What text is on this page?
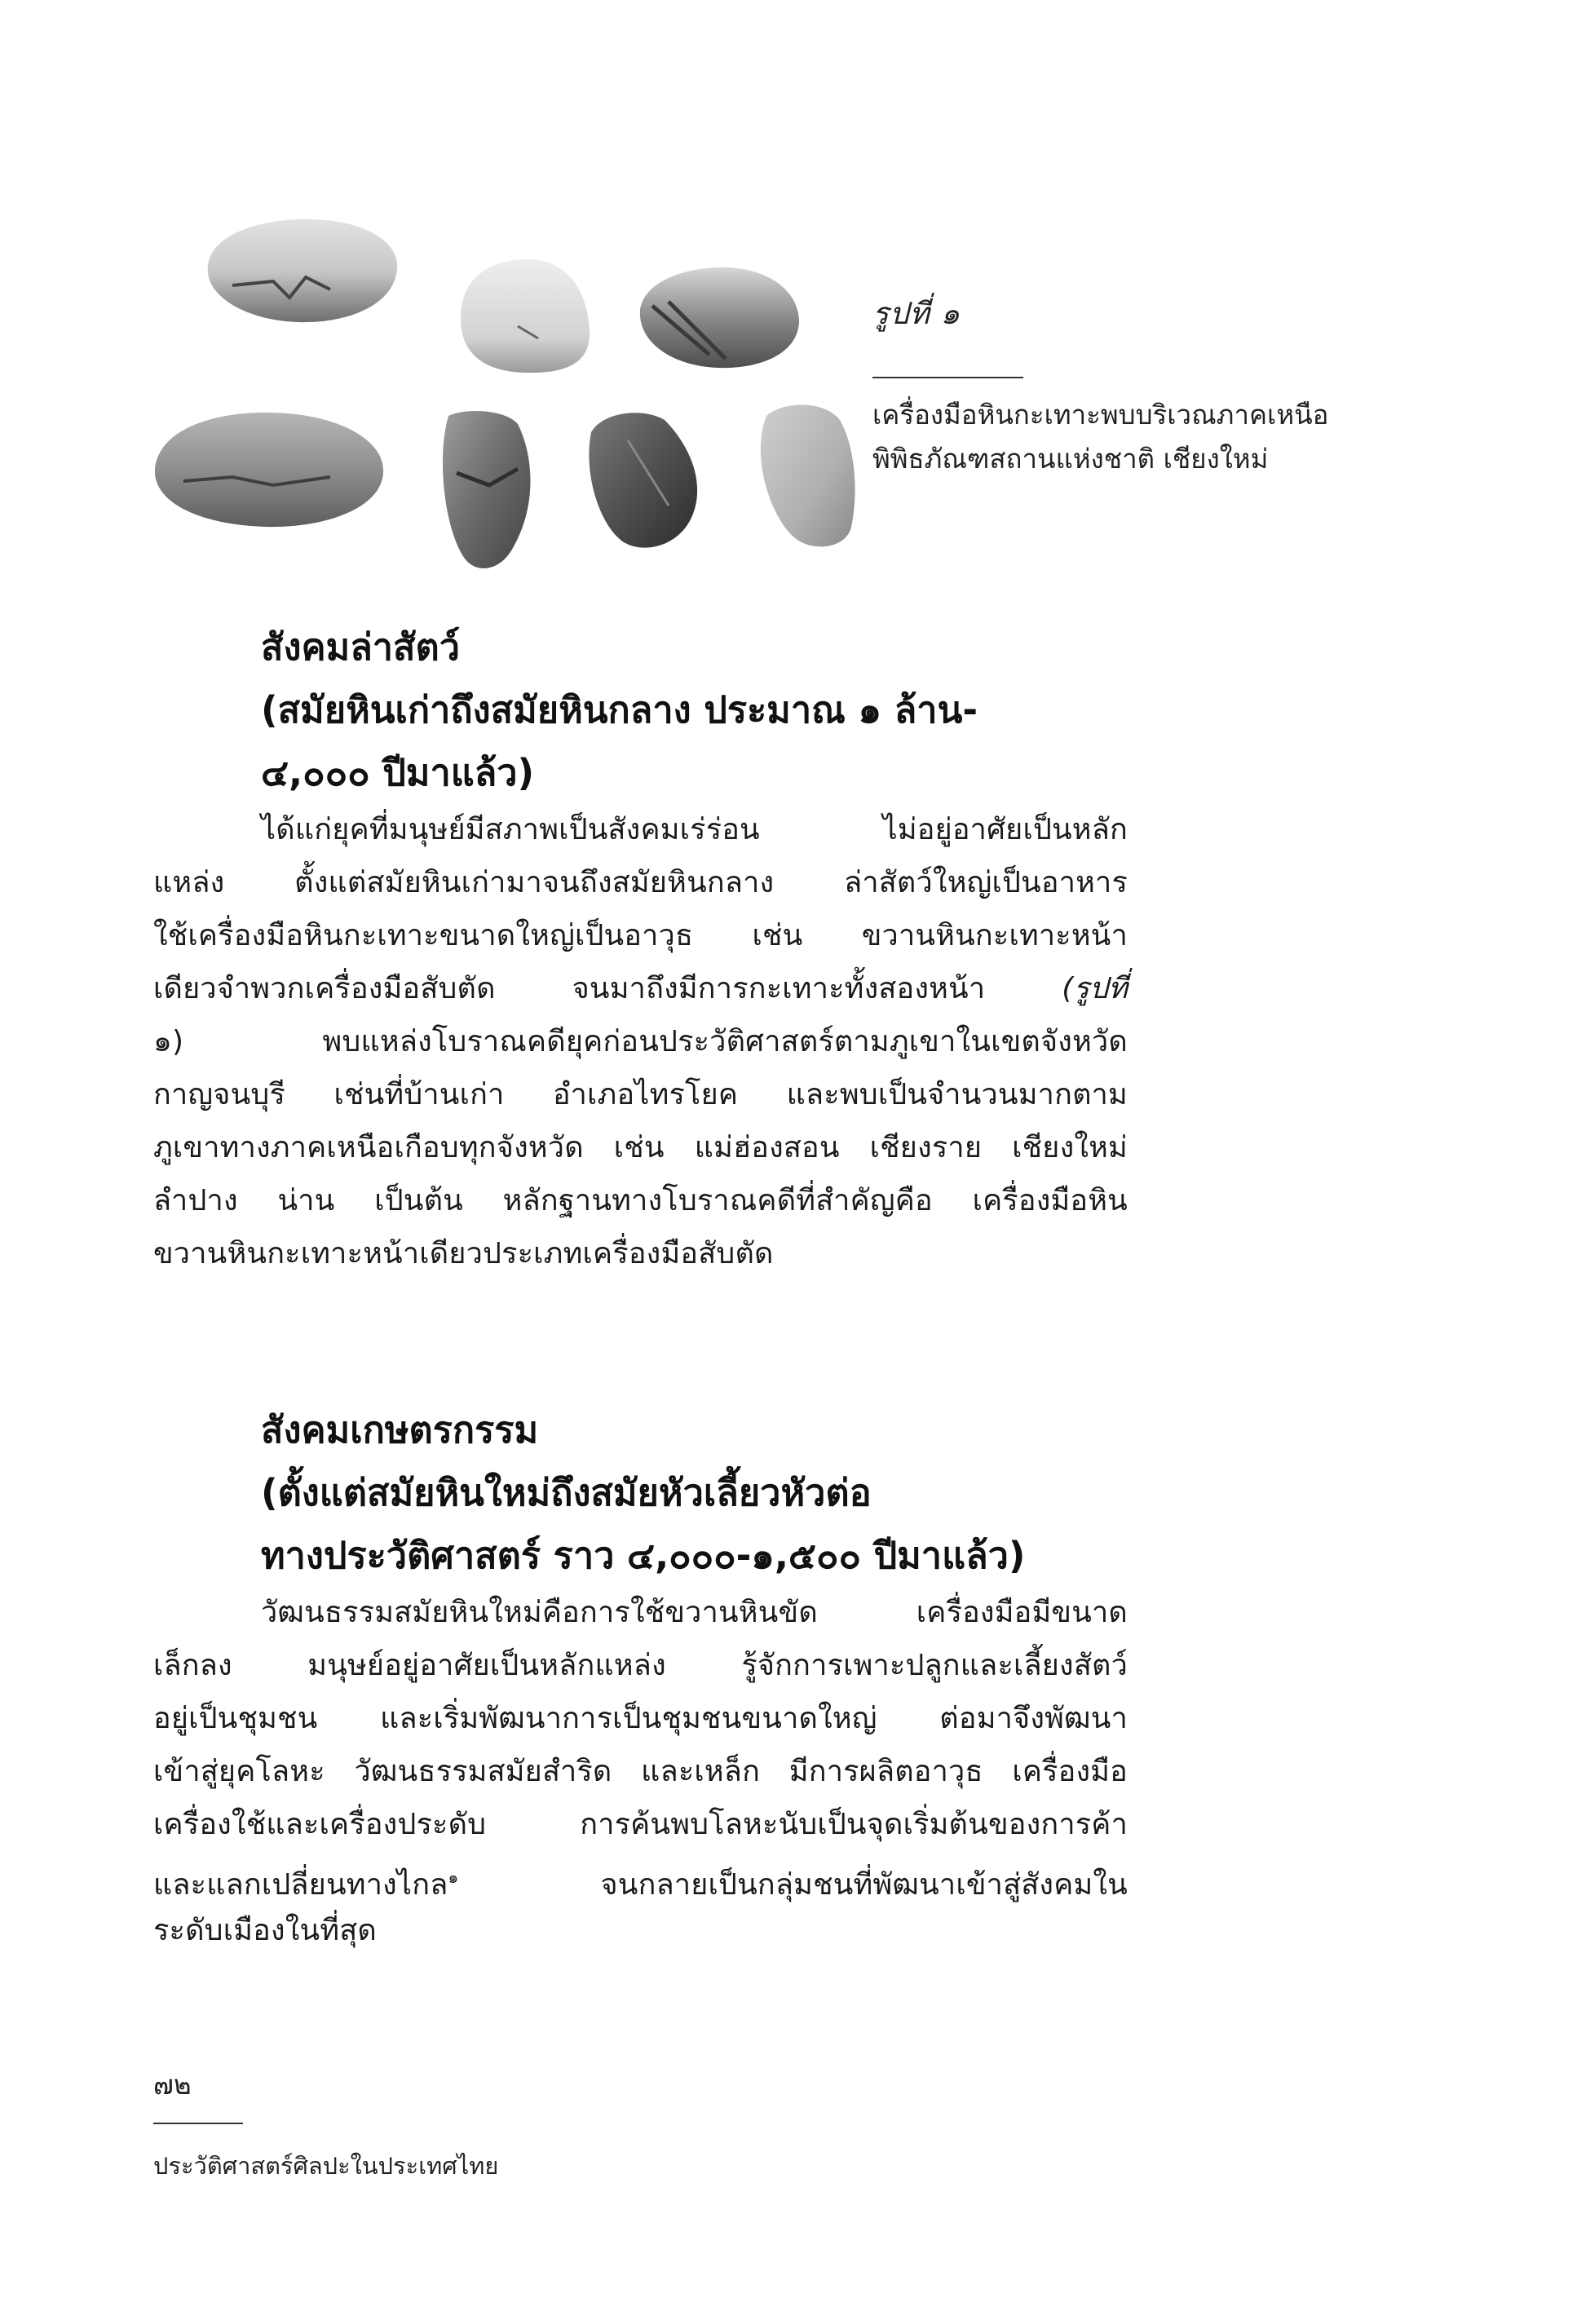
รูปที่ ๑
เครื่องมือหินกะเทาะพบบริเวณภาคเหนือ
พิพิธภัณฑสถานแห่งชาติ เชียงใหม่
สังคมล่าสัตว์
(สมัยหินเก่าถึงสมัยหินกลาง ประมาณ ๑ ล้าน-
๔,๐๐๐ ปีมาแล้ว)
ได้แก่ยุคที่มนุษย์มีสภาพเป็นสังคมเร่ร่อน ไม่อยู่อาศัยเป็นหลัก
แหล่ง ตั้งแต่สมัยหินเก่ามาจนถึงสมัยหินกลาง ล่าสัตว์ใหญ่เป็นอาหาร
ใช้เครื่องมือหินกะเทาะขนาดใหญ่เป็นอาวุธ เช่น ขวานหินกะเทาะหน้า
เดียวจำพวกเครื่องมือสับตัด จนมาถึงมีการกะเทาะทั้งสองหน้า	(รูปที่
๑) พบแหล่งโบราณคดียุคก่อนประวัติศาสตร์ตามภูเขาในเขตจังหวัด
กาญจนบุรี เช่นที่บ้านเก่า อำเภอไทรโยค และพบเป็นจำนวนมากตาม
ภูเขาทางภาคเหนือเกือบทุกจังหวัด เช่น แม่ฮ่องสอน เชียงราย เชียงใหม่
ลำปาง น่าน เป็นต้น หลักฐานทางโบราณคดีที่สำคัญคือ เครื่องมือหิน
ขวานหินกะเทาะหน้าเดียวประเภทเครื่องมือสับตัด
สังคมเกษตรกรรม
(ตั้งแต่สมัยหินใหม่ถึงสมัยหัวเลี้ยวหัวต่อ
ทางประวัติศาสตร์ ราว ๔,๐๐๐-๑,๕๐๐ ปีมาแล้ว)
วัฒนธรรมสมัยหินใหม่คือการใช้ขวานหินขัด เครื่องมือมีขนาด
เล็กลง มนุษย์อยู่อาศัยเป็นหลักแหล่ง รู้จักการเพาะปลูกและเลี้ยงสัตว์
อยู่เป็นชุมชน และเริ่มพัฒนาการเป็นชุมชนขนาดใหญ่ ต่อมาจึงพัฒนา
เข้าสู่ยุคโลหะ วัฒนธรรมสมัยสำริด และเหล็ก มีการผลิตอาวุธ เครื่องมือ
เครื่องใช้และเครื่องประดับ การค้นพบโลหะนับเป็นจุดเริ่มต้นของการค้า
และแลกเปลี่ยนทางไกล$^๑$ จนกลายเป็นกลุ่มชนที่พัฒนาเข้าสู่สังคมใน
ระดับเมืองในที่สุด
๗๒
ประวัติศาสตร์ศิลปะในประเทศไทย
